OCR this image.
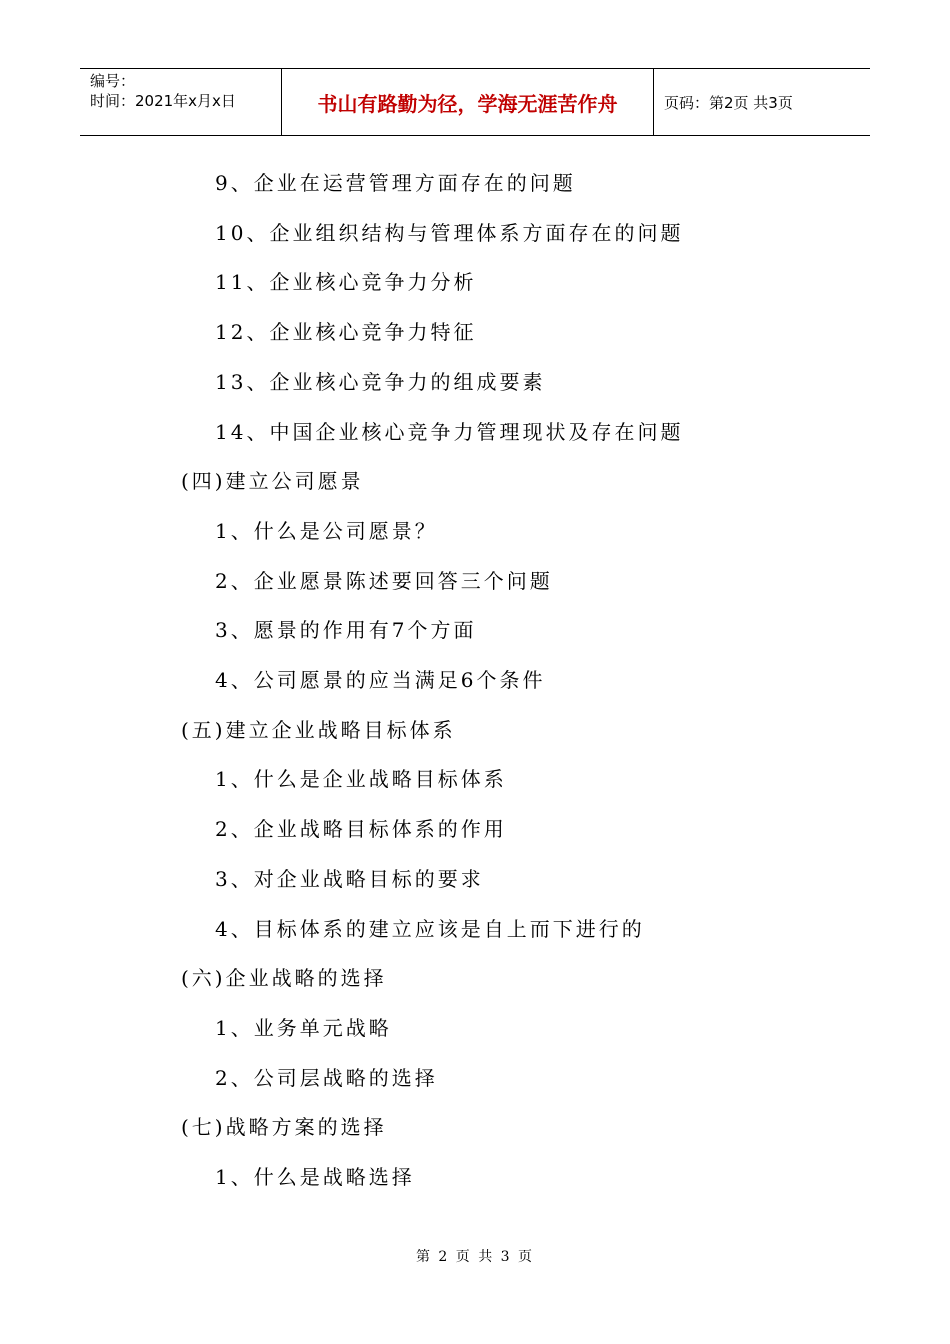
编号：
时间：2021年x月x日	书山有路勤为径，学海无涯苦作舟	页码：第2页 共3页
9、企业在运营管理方面存在的问题
10、企业组织结构与管理体系方面存在的问题
11、企业核心竞争力分析
12、企业核心竞争力特征
13、企业核心竞争力的组成要素
14、中国企业核心竞争力管理现状及存在问题
(四)建立公司愿景
1、什么是公司愿景？
2、企业愿景陈述要回答三个问题
3、愿景的作用有7个方面
4、公司愿景的应当满足6个条件
(五)建立企业战略目标体系
1、什么是企业战略目标体系
2、企业战略目标体系的作用
3、对企业战略目标的要求
4、目标体系的建立应该是自上而下进行的
(六)企业战略的选择
1、业务单元战略
2、公司层战略的选择
(七)战略方案的选择
1、什么是战略选择
第 2 页 共 3 页
